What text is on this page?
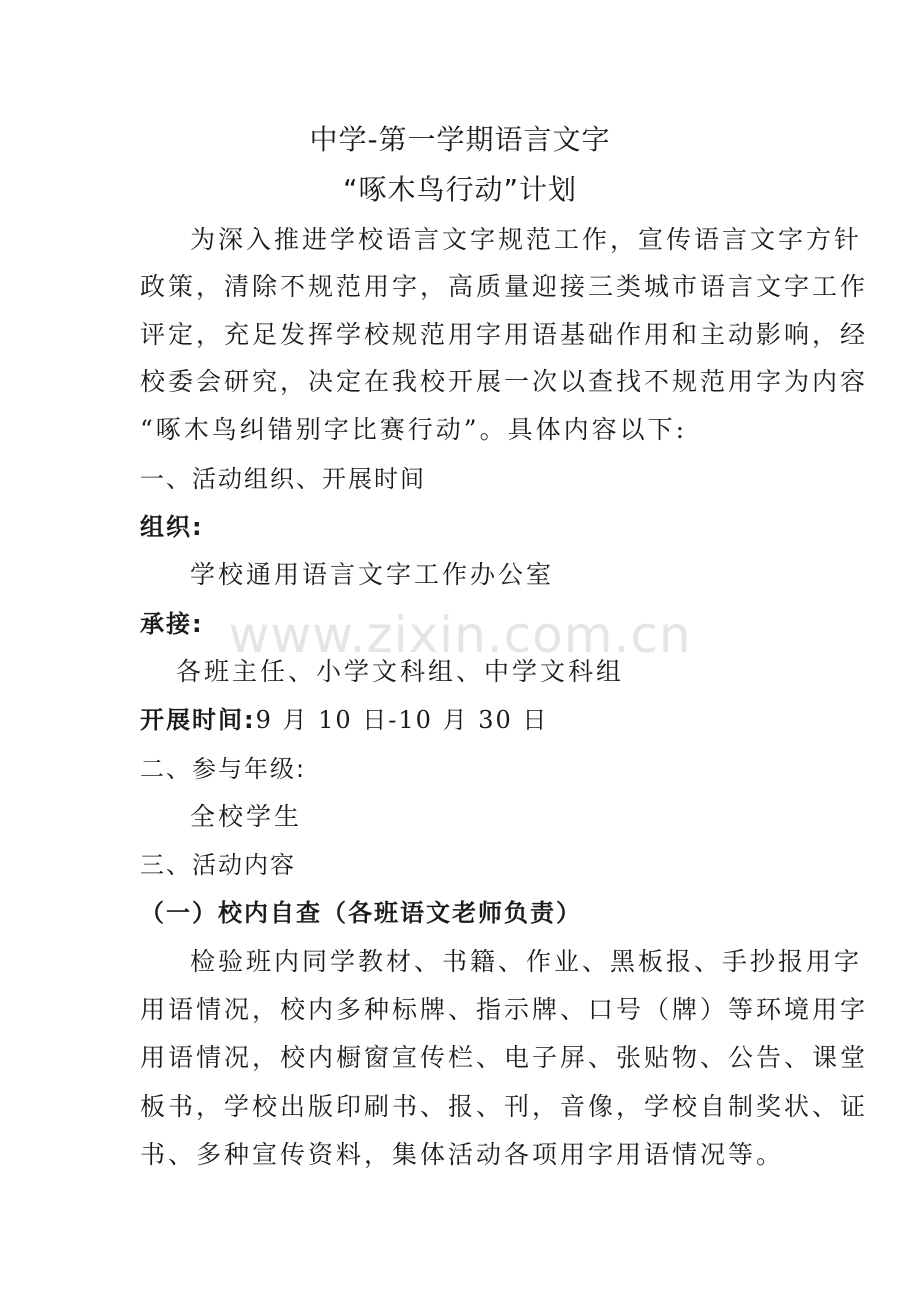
中学-第一学期语言文字
“啄木鸟行动”计划
为深入推进学校语言文字规范工作，宣传语言文字方针
政策，清除不规范用字，高质量迎接三类城市语言文字工作
评定，充足发挥学校规范用字用语基础作用和主动影响，经
校委会研究，决定在我校开展一次以查找不规范用字为内容
“啄木鸟纠错别字比赛行动”。具体内容以下:
一、活动组织、开展时间
组织:
学校通用语言文字工作办公室
承接:
各班主任、小学文科组、中学文科组
开展时间:9 月 10 日-10 月 30 日
二、参与年级:
全校学生
三、活动内容
（一）校内自查（各班语文老师负责）
检验班内同学教材、书籍、作业、黑板报、手抄报用字
用语情况，校内多种标牌、指示牌、口号（牌）等环境用字
用语情况，校内橱窗宣传栏、电子屏、张贴物、公告、课堂
板书，学校出版印刷书、报、刊，音像，学校自制奖状、证
书、多种宣传资料，集体活动各项用字用语情况等。
www.zixin.com.cn
